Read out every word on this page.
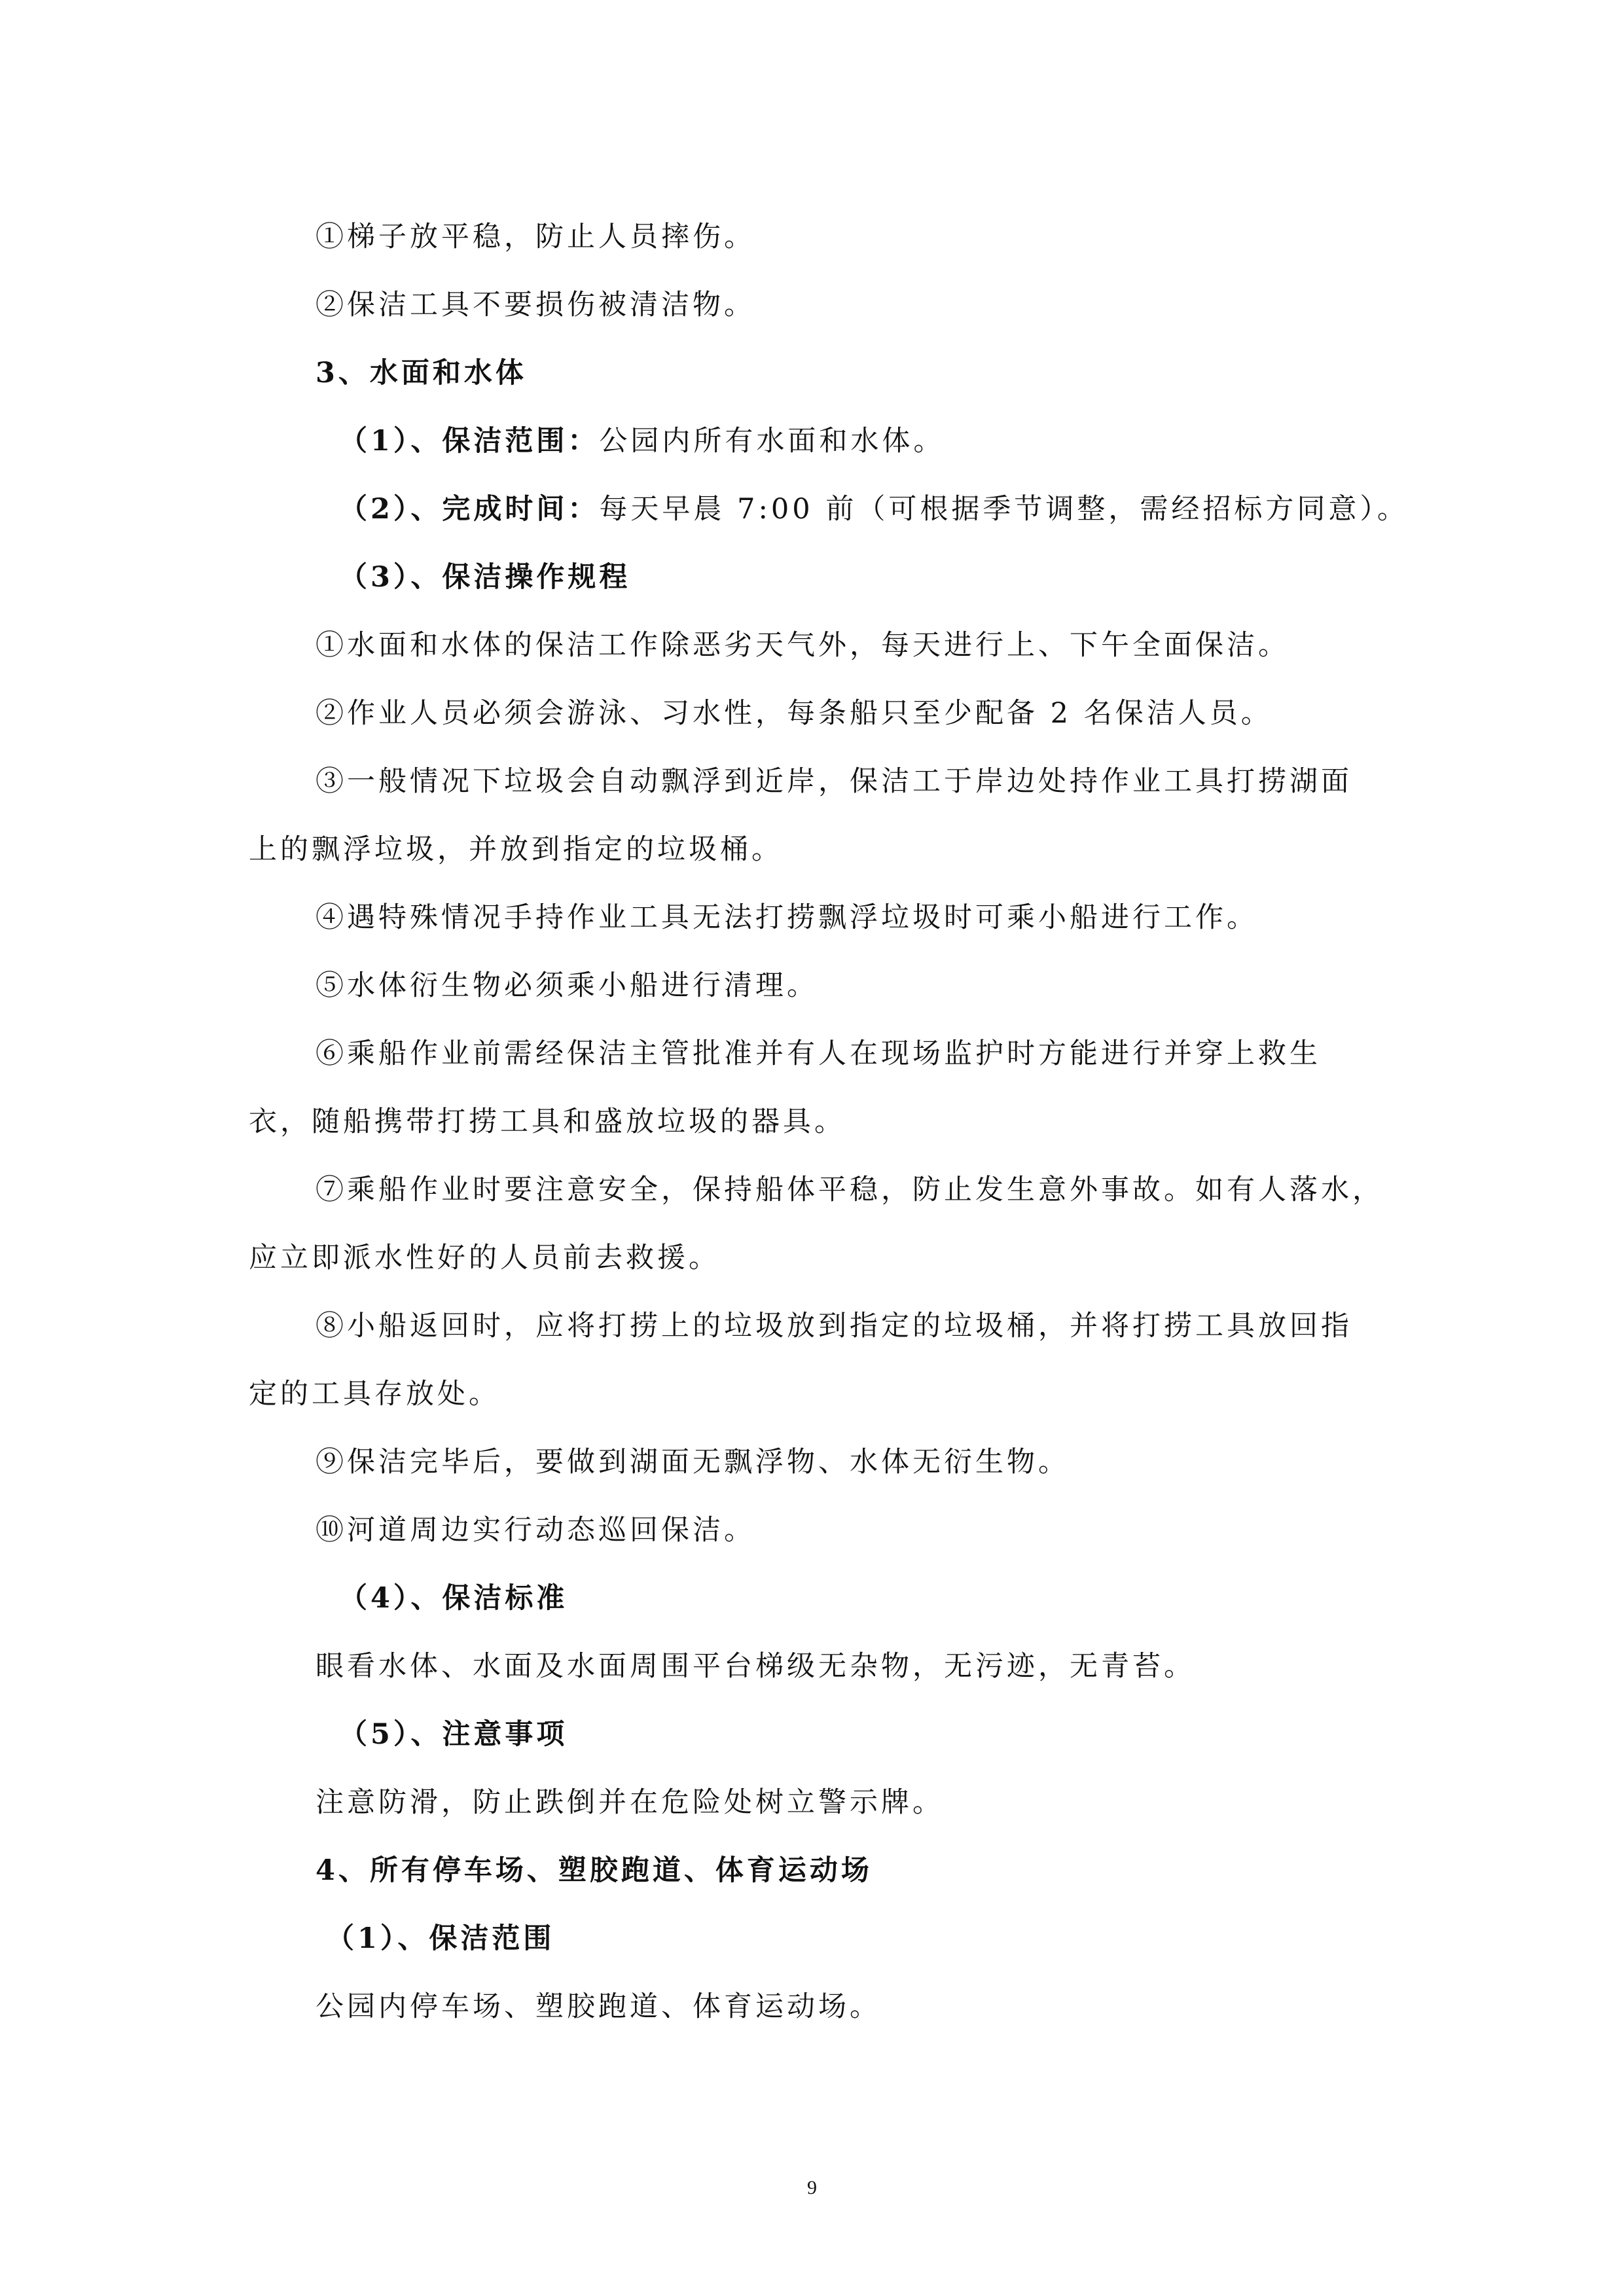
①梯子放平稳，防止人员摔伤。
②保洁工具不要损伤被清洁物。
3、水面和水体
（1）、保洁范围：公园内所有水面和水体。
（2）、完成时间：每天早晨 7:00 前（可根据季节调整，需经招标方同意）。
（3）、保洁操作规程
①水面和水体的保洁工作除恶劣天气外，每天进行上、下午全面保洁。
②作业人员必须会游泳、习水性，每条船只至少配备 2 名保洁人员。
③一般情况下垃圾会自动飘浮到近岸，保洁工于岸边处持作业工具打捞湖面
上的飘浮垃圾，并放到指定的垃圾桶。
④遇特殊情况手持作业工具无法打捞飘浮垃圾时可乘小船进行工作。
⑤水体衍生物必须乘小船进行清理。
⑥乘船作业前需经保洁主管批准并有人在现场监护时方能进行并穿上救生
衣，随船携带打捞工具和盛放垃圾的器具。
⑦乘船作业时要注意安全，保持船体平稳，防止发生意外事故。如有人落水，
应立即派水性好的人员前去救援。
⑧小船返回时，应将打捞上的垃圾放到指定的垃圾桶，并将打捞工具放回指
定的工具存放处。
⑨保洁完毕后，要做到湖面无飘浮物、水体无衍生物。
⑩河道周边实行动态巡回保洁。
（4）、保洁标准
眼看水体、水面及水面周围平台梯级无杂物，无污迹，无青苔。
（5）、注意事项
注意防滑，防止跌倒并在危险处树立警示牌。
4、所有停车场、塑胶跑道、体育运动场
（1）、保洁范围
公园内停车场、塑胶跑道、体育运动场。
9
